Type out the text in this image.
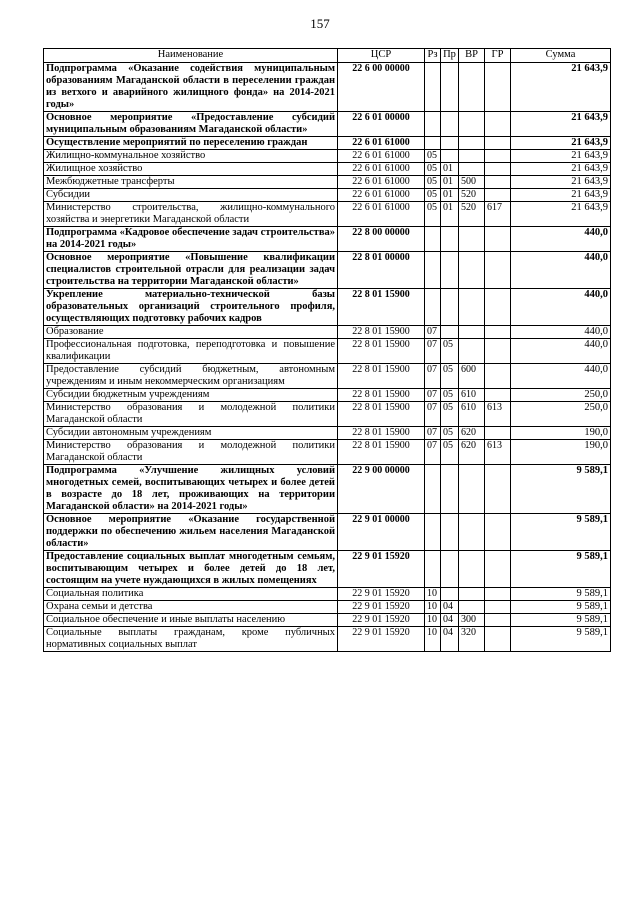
157
Наименование	ЦСР	Рз	Пр	ВР	ГР	Сумма
Подпрограмма «Оказание содействия муниципальным образованиям Магаданской области в переселении граждан из ветхого и аварийного жилищного фонда» на 2014-2021 годы»	22 6 00 00000					21 643,9
Основное мероприятие «Предоставление субсидий муниципальным образованиям Магаданской области»	22 6 01 00000					21 643,9
Осуществление мероприятий по переселению граждан	22 6 01 61000					21 643,9
Жилищно-коммунальное хозяйство	22 6 01 61000	05				21 643,9
Жилищное хозяйство	22 6 01 61000	05	01			21 643,9
Межбюджетные трансферты	22 6 01 61000	05	01	500		21 643,9
Субсидии	22 6 01 61000	05	01	520		21 643,9
Министерство строительства, жилищно-коммунального хозяйства и энергетики Магаданской области	22 6 01 61000	05	01	520	617	21 643,9
Подпрограмма «Кадровое обеспечение задач строительства» на 2014-2021 годы»	22 8 00 00000					440,0
Основное мероприятие «Повышение квалификации специалистов строительной отрасли для реализации задач строительства на территории Магаданской области»	22 8 01 00000					440,0
Укрепление материально-технической базы образовательных организаций строительного профиля, осуществляющих подготовку рабочих кадров	22 8 01 15900					440,0
Образование	22 8 01 15900	07				440,0
Профессиональная подготовка, переподготовка и повышение квалификации	22 8 01 15900	07	05			440,0
Предоставление субсидий бюджетным, автономным учреждениям и иным некоммерческим организациям	22 8 01 15900	07	05	600		440,0
Субсидии бюджетным учреждениям	22 8 01 15900	07	05	610		250,0
Министерство образования и молодежной политики Магаданской области	22 8 01 15900	07	05	610	613	250,0
Субсидии автономным учреждениям	22 8 01 15900	07	05	620		190,0
Министерство образования и молодежной политики Магаданской области	22 8 01 15900	07	05	620	613	190,0
Подпрограмма «Улучшение жилищных условий многодетных семей, воспитывающих четырех и более детей в возрасте до 18 лет, проживающих на территории Магаданской области» на 2014-2021 годы»	22 9 00 00000					9 589,1
Основное мероприятие «Оказание государственной поддержки по обеспечению жильем населения Магаданской области»	22 9 01 00000					9 589,1
Предоставление социальных выплат многодетным семьям, воспитывающим четырех и более детей до 18 лет, состоящим на учете нуждающихся в жилых помещениях	22 9 01 15920					9 589,1
Социальная политика	22 9 01 15920	10				9 589,1
Охрана семьи и детства	22 9 01 15920	10	04			9 589,1
Социальное обеспечение и иные выплаты населению	22 9 01 15920	10	04	300		9 589,1
Социальные выплаты гражданам, кроме публичных нормативных социальных выплат	22 9 01 15920	10	04	320		9 589,1
